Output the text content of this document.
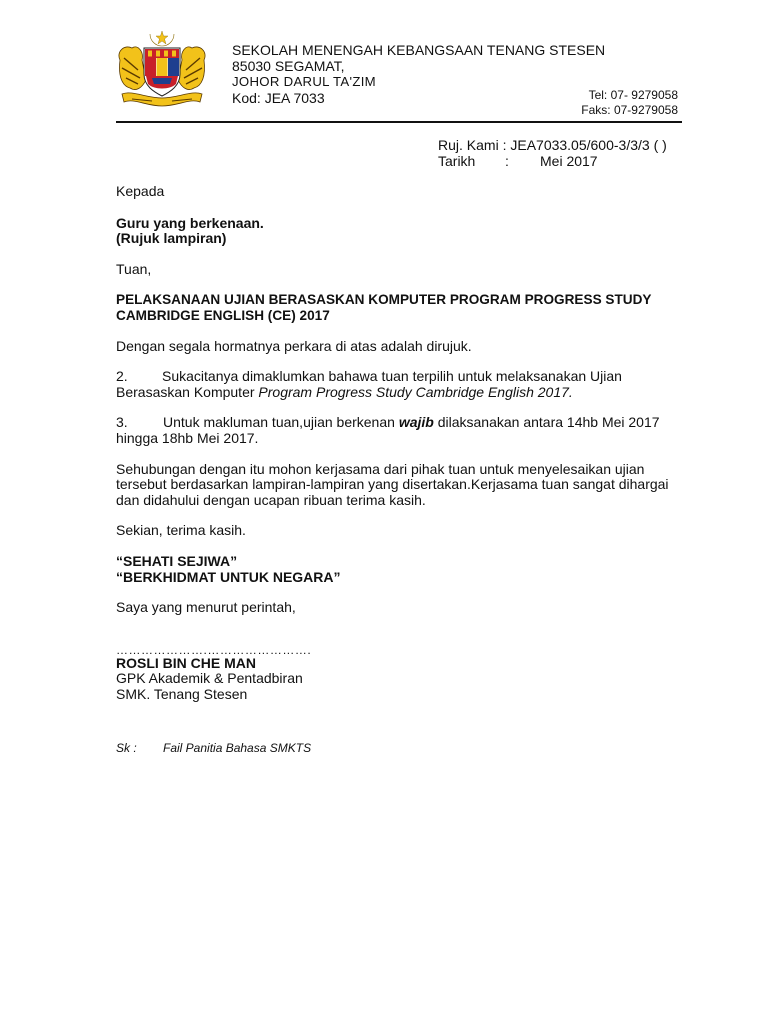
SEKOLAH MENENGAH KEBANGSAAN TENANG STESEN
85030 SEGAMAT,
JOHOR DARUL TA'ZIM
Kod: JEA 7033	Tel: 07- 9279058
Faks: 07-9279058
Ruj. Kami : JEA7033.05/600-3/3/3 ( )
Tarikh : Mei 2017

Kepada

Guru yang berkenaan.

(Rujuk lampiran)

Tuan,

PELAKSANAAN UJIAN BERASASKAN KOMPUTER PROGRAM PROGRESS STUDY

CAMBRIDGE ENGLISH (CE) 2017

Dengan segala hormatnya perkara di atas adalah dirujuk.

2. Sukacitanya dimaklumkan bahawa tuan terpilih untuk melaksanakan Ujian
Berasaskan Komputer Program Progress Study Cambridge English 2017.

3.	Untuk makluman tuan,ujian berkenan wajib dilaksanakan antara 14hb Mei 2017
hingga 18hb Mei 2017.

Sehubungan dengan itu mohon kerjasama dari pihak tuan untuk menyelesaikan ujian
tersebut berdasarkan lampiran-lampiran yang disertakan.Kerjasama tuan sangat dihargai
dan didahului dengan ucapan ribuan terima kasih.

Sekian, terima kasih.

“SEHATI SEJIWA”

“BERKHIDMAT UNTUK NEGARA”

Saya yang menurut perintah,

………………….…………………….

ROSLI BIN CHE MAN

GPK Akademik & Pentadbiran

SMK. Tenang Stesen

Sk : Fail Panitia Bahasa SMKTS
